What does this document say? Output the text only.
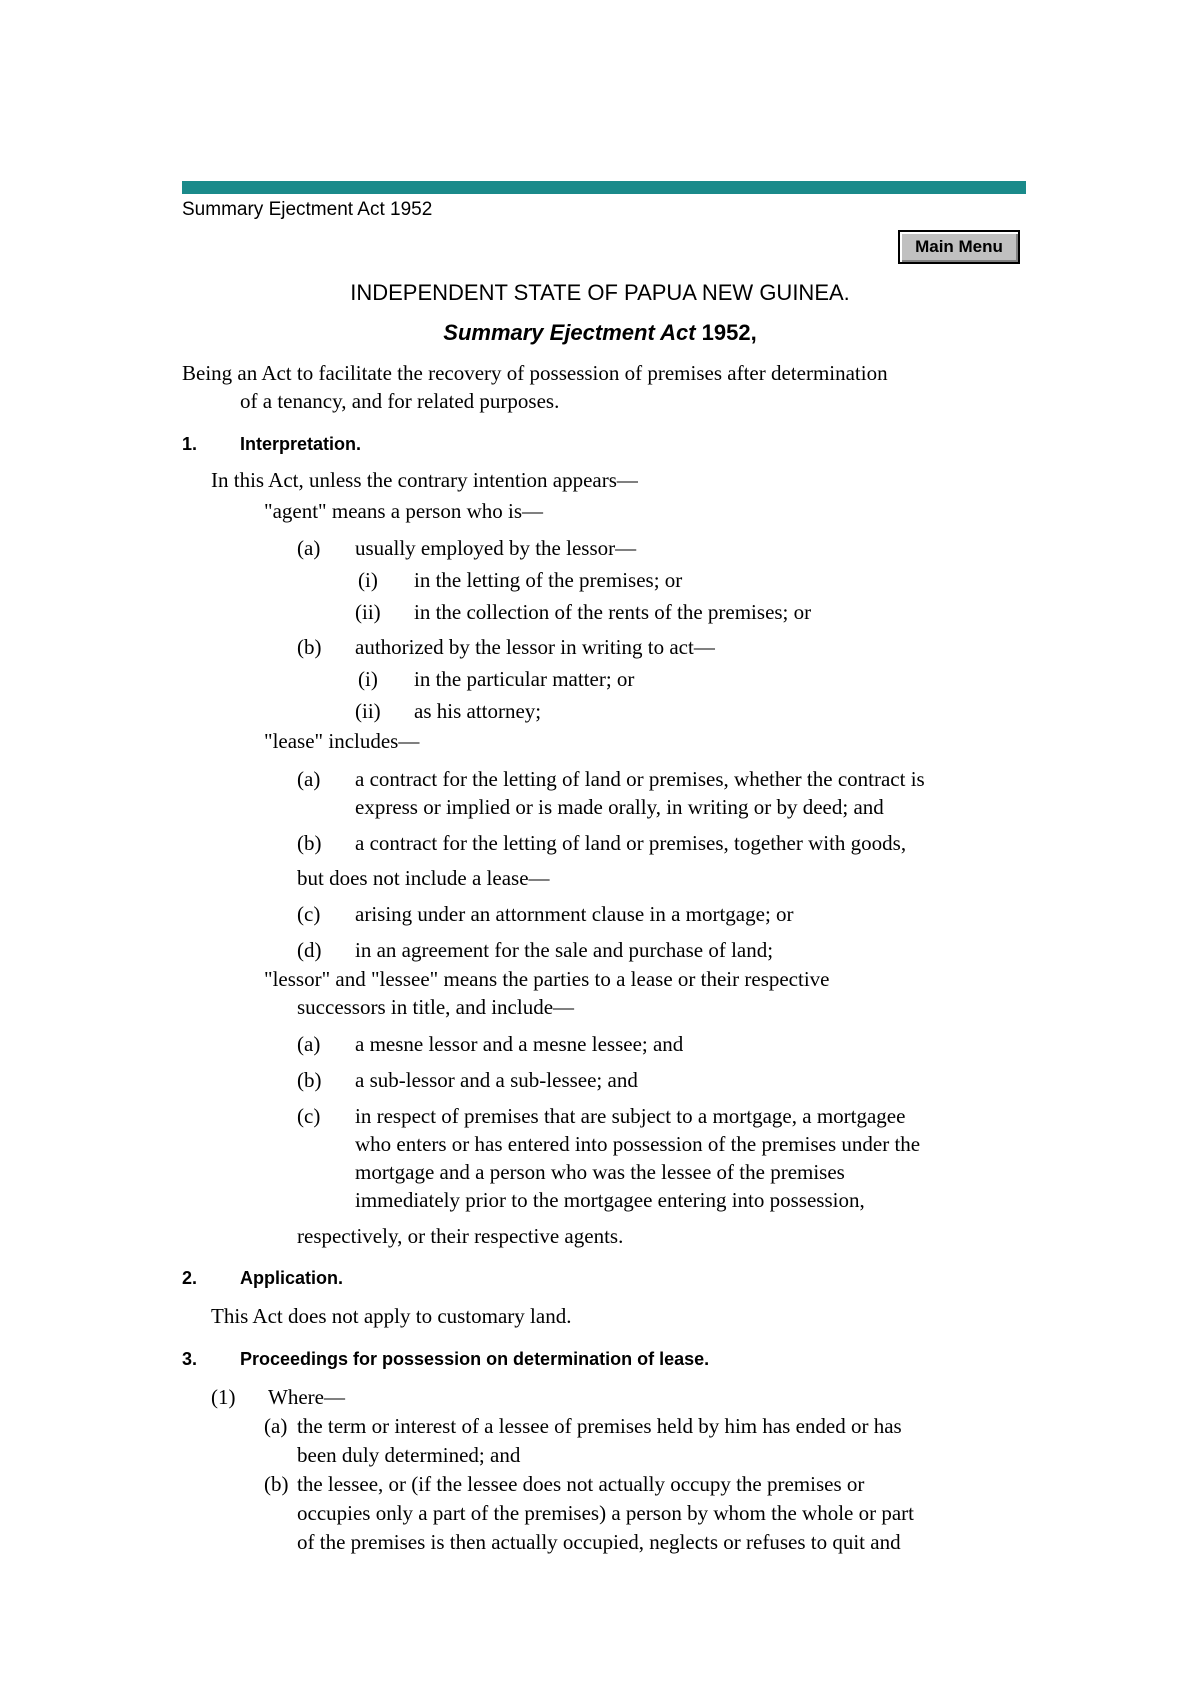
Summary Ejectment Act 1952
Main Menu
INDEPENDENT STATE OF PAPUA NEW GUINEA.
Summary Ejectment Act 1952,
Being an Act to facilitate the recovery of possession of premises after determination
of a tenancy, and for related purposes.
1. Interpretation.
In this Act, unless the contrary intention appears—
"agent" means a person who is—
(a) usually employed by the lessor—
(i) in the letting of the premises; or
(ii) in the collection of the rents of the premises; or
(b) authorized by the lessor in writing to act—
(i) in the particular matter; or
(ii) as his attorney;
"lease" includes—
(a) a contract for the letting of land or premises, whether the contract is
express or implied or is made orally, in writing or by deed; and
(b) a contract for the letting of land or premises, together with goods,
but does not include a lease—
(c) arising under an attornment clause in a mortgage; or
(d) in an agreement for the sale and purchase of land;
"lessor" and "lessee" means the parties to a lease or their respective
successors in title, and include—
(a) a mesne lessor and a mesne lessee; and
(b) a sub-lessor and a sub-lessee; and
(c) in respect of premises that are subject to a mortgage, a mortgagee
who enters or has entered into possession of the premises under the
mortgage and a person who was the lessee of the premises
immediately prior to the mortgagee entering into possession,
respectively, or their respective agents.
2. Application.
This Act does not apply to customary land.
3. Proceedings for possession on determination of lease.
(1) Where—
(a) the term or interest of a lessee of premises held by him has ended or has
been duly determined; and
(b) the lessee, or (if the lessee does not actually occupy the premises or
occupies only a part of the premises) a person by whom the whole or part
of the premises is then actually occupied, neglects or refuses to quit and
